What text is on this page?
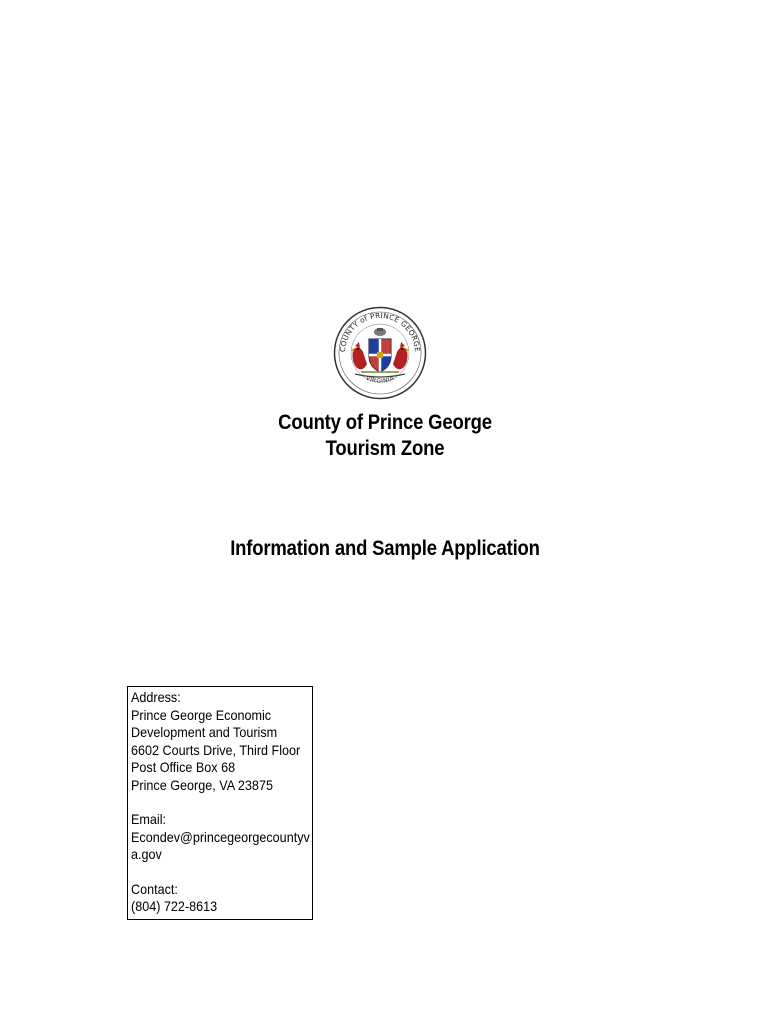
COUNTY of PRINCE GEORGE
VIRGINIA
County of Prince George
Tourism Zone
Information and Sample Application
Address:
Prince George Economic
Development and Tourism
6602 Courts Drive, Third Floor
Post Office Box 68
Prince George, VA 23875
Email:
Econdev@princegeorgecountyv
a.gov
Contact:
(804) 722-8613
